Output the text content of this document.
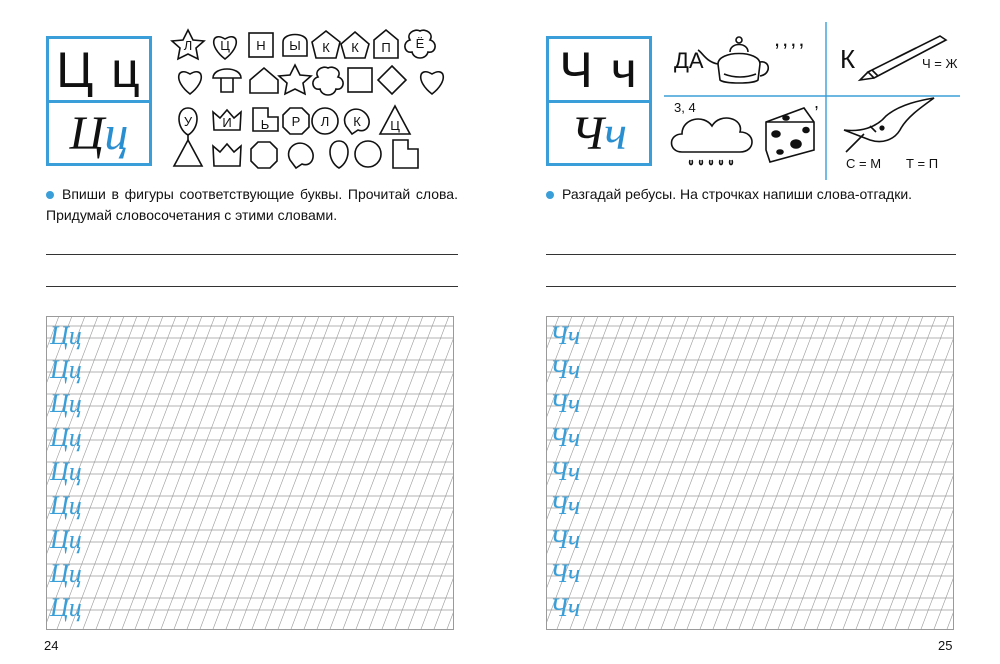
Ц ц
Ц ц
Л Ц Н Ы К К П Ё
У И Ь Р Л К Ц
Впиши в фигуры соответствующие буквы. Прочитай слова. Придумай словосочетания с этими словами.
Цц
Цц
Цц
Цц
Цц
Цц
Цц
Цц
Цц
24
Ч ч
Ч ч
ДА
,,,,
К	Ч = Ж
3, 4	,
С = М Т = П
Разгадай ребусы. На строчках напиши слова-отгадки.
Чч
Чч
Чч
Чч
Чч
Чч
Чч
Чч
Чч
25
